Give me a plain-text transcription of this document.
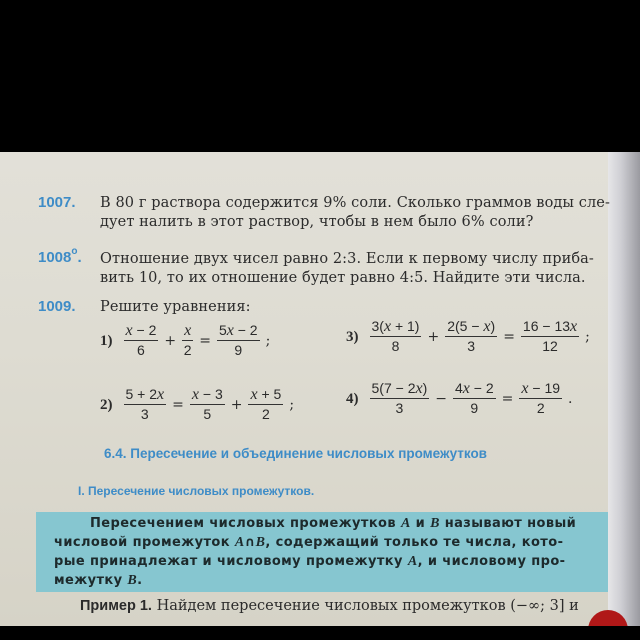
1007. В 80 г раствора содержится 9% соли. Сколько граммов воды сле-
дует налить в этот раствор, чтобы в нем было 6% соли?
$1008^о$. Отношение двух чисел равно 2:3. Если к первому числу приба-
вить 10, то их отношение будет равно 4:5. Найдите эти числа.
1009. Решите уравнения:
$1) \frac{x - 2}{6} + \frac{x}{2} = \frac{5x - 2}{9}$ ;
$2) \frac{5 + 2x}{3} = \frac{x - 3}{5} + \frac{x + 5}{2}$ ;
$3) \frac{3(x + 1)}{8} + \frac{2(5 - x)}{3} = \frac{16 - 13x}{12}$ ;
$4) \frac{5(7 - 2x)}{3} - \frac{4x - 2}{9} = \frac{x - 19}{2}$ .
6.4. Пересечение и объединение числовых промежутков
I. Пересечение числовых промежутков.
Пересечением числовых промежутков A и B называют новый
числовой промежуток A∩B, содержащий только те числа, кото-
рые принадлежат и числовому промежутку A, и числовому про-
межутку B.
Пример 1. Найдем пересечение числовых промежутков (−∞; 3] и
